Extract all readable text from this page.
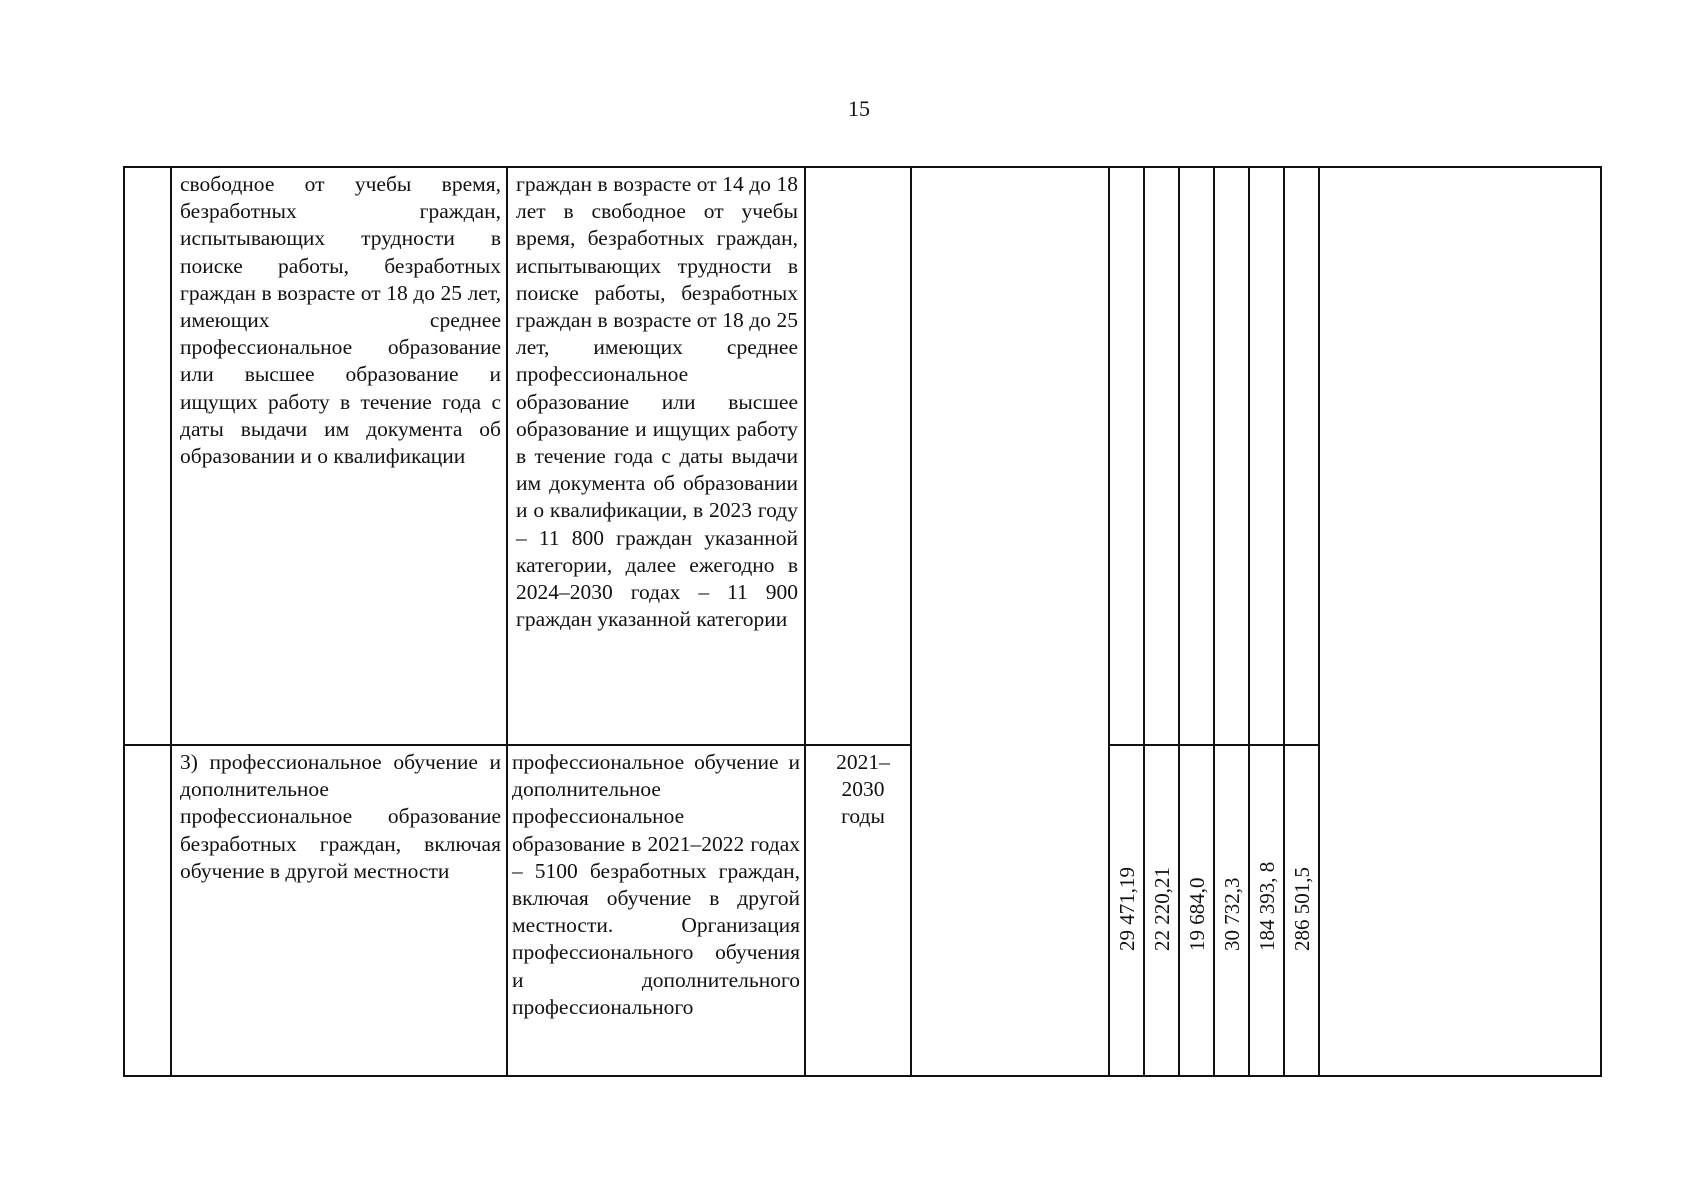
15
свободное от учебы время, безработных граждан, испытывающих трудности в поиске работы, безработных граждан в возрасте от 18 до 25 лет, имеющих среднее профессиональное образование или высшее образование и ищущих работу в течение года с даты выдачи им документа об образовании и о квалификации
граждан в возрасте от 14 до 18 лет в свободное от учебы время, безработных граждан, испытывающих трудности в поиске работы, безработных граждан в возрасте от 18 до 25 лет, имеющих среднее профессиональное образование или высшее образование и ищущих работу в течение года с даты выдачи им документа об образовании и о квалификации, в 2023 году – 11 800 граждан указанной категории, далее ежегодно в 2024–2030 годах – 11 900 граждан указанной категории
3) профессиональное обучение и дополнительное профессиональное образование безработных граждан, включая обучение в другой местности
профессиональное обучение и дополнительное профессиональное образование в 2021–2022 годах – 5100 безработных граждан, включая обучение в другой местности. Организация профессионального обучения и дополнительного профессионального
2021– 2030 годы
29 471,19 22 220,21 19 684,0 30 732,3 184 393, 8 286 501,5
